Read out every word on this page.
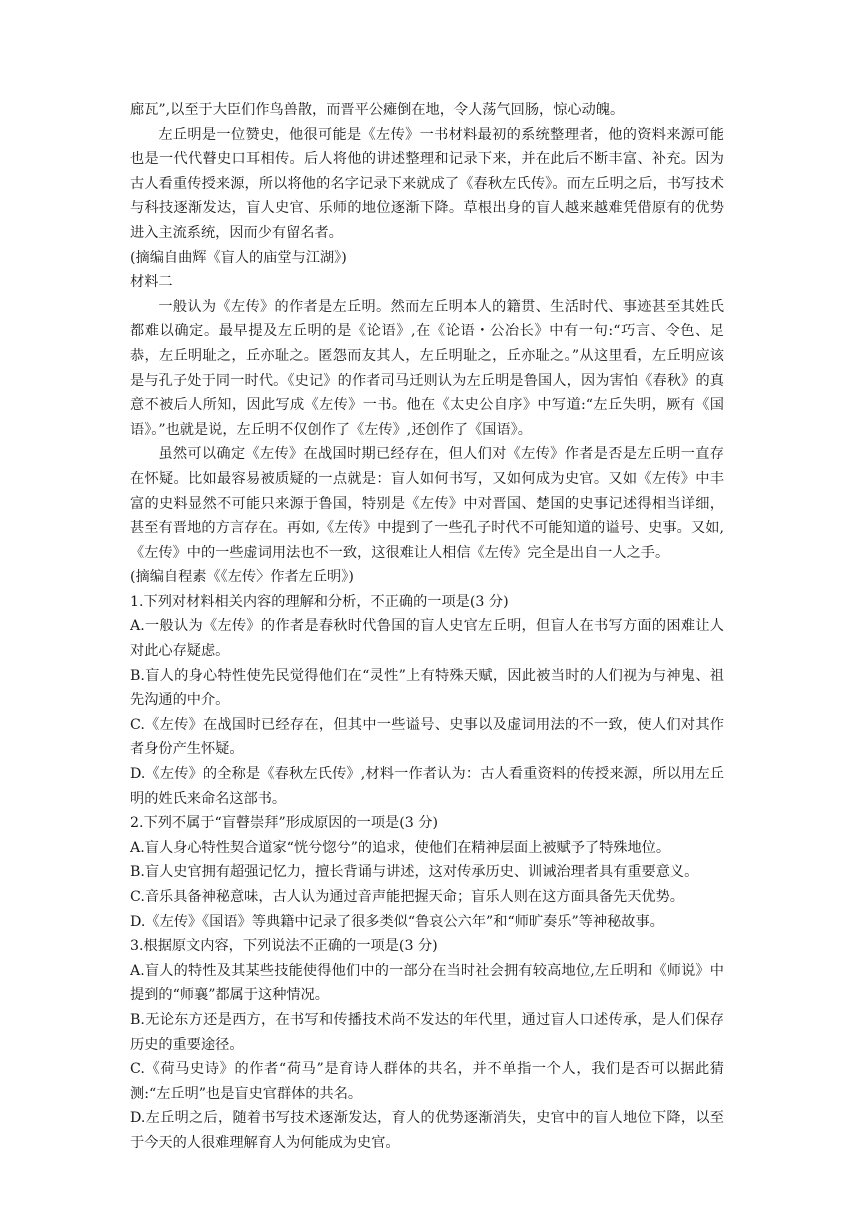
廊瓦”,以至于大臣们作鸟兽散，而晋平公瘫倒在地，令人荡气回肠，惊心动魄。

左丘明是一位赞史，他很可能是《左传》一书材料最初的系统整理者，他的资料来源可能也是一代代瞽史口耳相传。后人将他的讲述整理和记录下来，并在此后不断丰富、补充。因为古人看重传授来源，所以将他的名字记录下来就成了《春秋左氏传》。而左丘明之后，书写技术与科技逐渐发达，盲人史官、乐师的地位逐渐下降。草根出身的盲人越来越难凭借原有的优势进入主流系统，因而少有留名者。

(摘编自曲辉《盲人的庙堂与江湖》)

材料二

一般认为《左传》的作者是左丘明。然而左丘明本人的籍贯、生活时代、事迹甚至其姓氏都难以确定。最早提及左丘明的是《论语》,在《论语・公冶长》中有一句:“巧言、令色、足恭，左丘明耻之，丘亦耻之。匿怨而友其人，左丘明耻之，丘亦耻之。”从这里看，左丘明应该是与孔子处于同一时代。《史记》的作者司马迁则认为左丘明是鲁国人，因为害怕《春秋》的真意不被后人所知，因此写成《左传》一书。他在《太史公自序》中写道:“左丘失明，厥有《国语》。”也就是说，左丘明不仅创作了《左传》,还创作了《国语》。

虽然可以确定《左传》在战国时期已经存在，但人们对《左传》作者是否是左丘明一直存在怀疑。比如最容易被质疑的一点就是：盲人如何书写，又如何成为史官。又如《左传》中丰富的史料显然不可能只来源于鲁国，特别是《左传》中对晋国、楚国的史事记述得相当详细，甚至有晋地的方言存在。再如,《左传》中提到了一些孔子时代不可能知道的谥号、史事。又如,《左传》中的一些虚词用法也不一致，这很难让人相信《左传》完全是出自一人之手。

(摘编自程素《《左传〉作者左丘明》)

1.下列对材料相关内容的理解和分析，不正确的一项是(3 分)

A.一般认为《左传》的作者是春秋时代鲁国的盲人史官左丘明，但盲人在书写方面的困难让人对此心存疑虑。

B.盲人的身心特性使先民觉得他们在“灵性”上有特殊天赋，因此被当时的人们视为与神鬼、祖先沟通的中介。

C.《左传》在战国时已经存在，但其中一些谥号、史事以及虚词用法的不一致，使人们对其作者身份产生怀疑。

D.《左传》的全称是《春秋左氏传》,材料一作者认为：古人看重资料的传授来源，所以用左丘明的姓氏来命名这部书。

2.下列不属于“盲瞽崇拜”形成原因的一项是(3 分)

A.盲人身心特性契合道家“恍兮惚兮”的追求，使他们在精神层面上被赋予了特殊地位。

B.盲人史官拥有超强记忆力，擅长背诵与讲述，这对传承历史、训诫治理者具有重要意义。

C.音乐具备神秘意味，古人认为通过音声能把握天命；盲乐人则在这方面具备先天优势。

D.《左传》《国语》等典籍中记录了很多类似“鲁哀公六年”和“师旷奏乐”等神秘故事。

3.根据原文内容，下列说法不正确的一项是(3 分)

A.盲人的特性及其某些技能使得他们中的一部分在当时社会拥有较高地位,左丘明和《师说》中提到的“师襄”都属于这种情况。

B.无论东方还是西方，在书写和传播技术尚不发达的年代里，通过盲人口述传承，是人们保存历史的重要途径。

C.《荷马史诗》的作者“荷马”是育诗人群体的共名，并不单指一个人，我们是否可以据此猜测:“左丘明”也是盲史官群体的共名。

D.左丘明之后，随着书写技术逐渐发达，育人的优势逐渐消失，史官中的盲人地位下降，以至于今天的人很难理解育人为何能成为史官。
